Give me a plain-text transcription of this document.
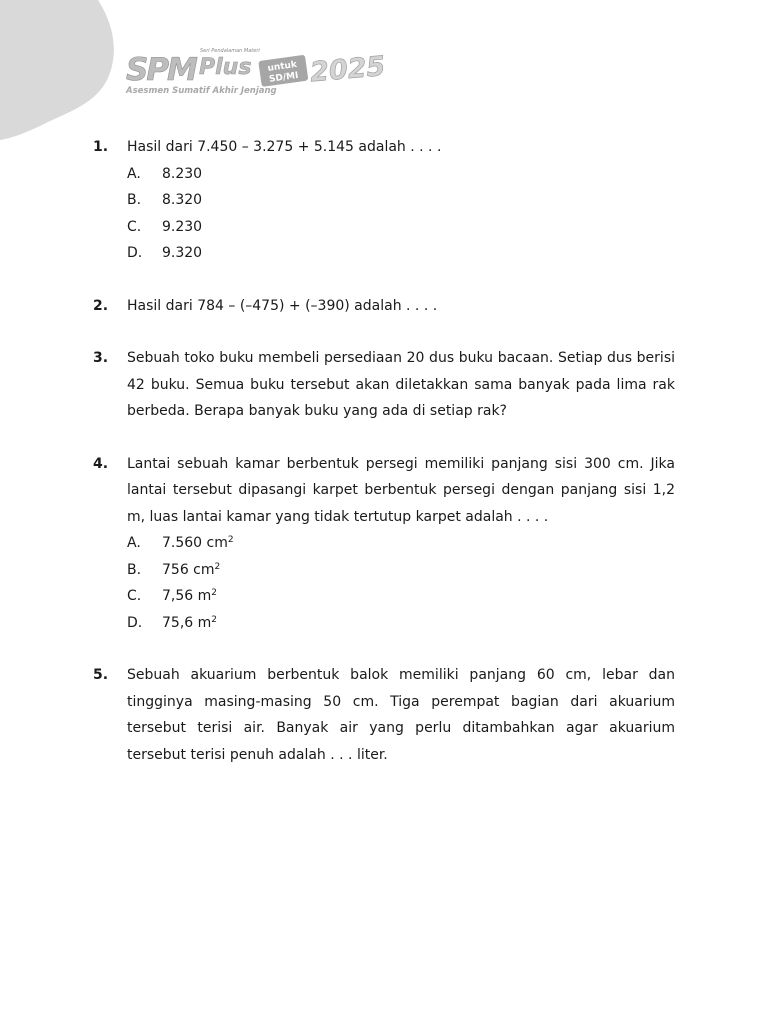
Seri Pendalaman Materi
SPM Plus untuk
SD/MI 2025
Asesmen Sumatif Akhir Jenjang
1.	Hasil dari 7.450 – 3.275 + 5.145 adalah . . . .

A.	8.230
B.	8.320
C.	9.230
D.	9.320
2.	Hasil dari 784 – (–475) + (–390) adalah . . . .

3.	Sebuah toko buku membeli persediaan 20 dus buku bacaan. Setiap dus berisi 42 buku. Semua buku tersebut akan diletakkan sama banyak pada lima rak berbeda. Berapa banyak buku yang ada di setiap rak?

4.	Lantai sebuah kamar berbentuk persegi memiliki panjang sisi 300 cm. Jika lantai tersebut dipasangi karpet berbentuk persegi dengan panjang sisi 1,2 m, luas lantai kamar yang tidak tertutup karpet adalah . . . .

A.	7.560 $cm^2$
B.	756 $cm^2$
C.	7,56 $m^2$
D.	75,6 $m^2$
5.	Sebuah akuarium berbentuk balok memiliki panjang 60 cm, lebar dan tingginya masing-masing 50 cm. Tiga perempat bagian dari akuarium tersebut terisi air. Banyak air yang perlu ditambahkan agar akuarium tersebut terisi penuh adalah . . . liter.
